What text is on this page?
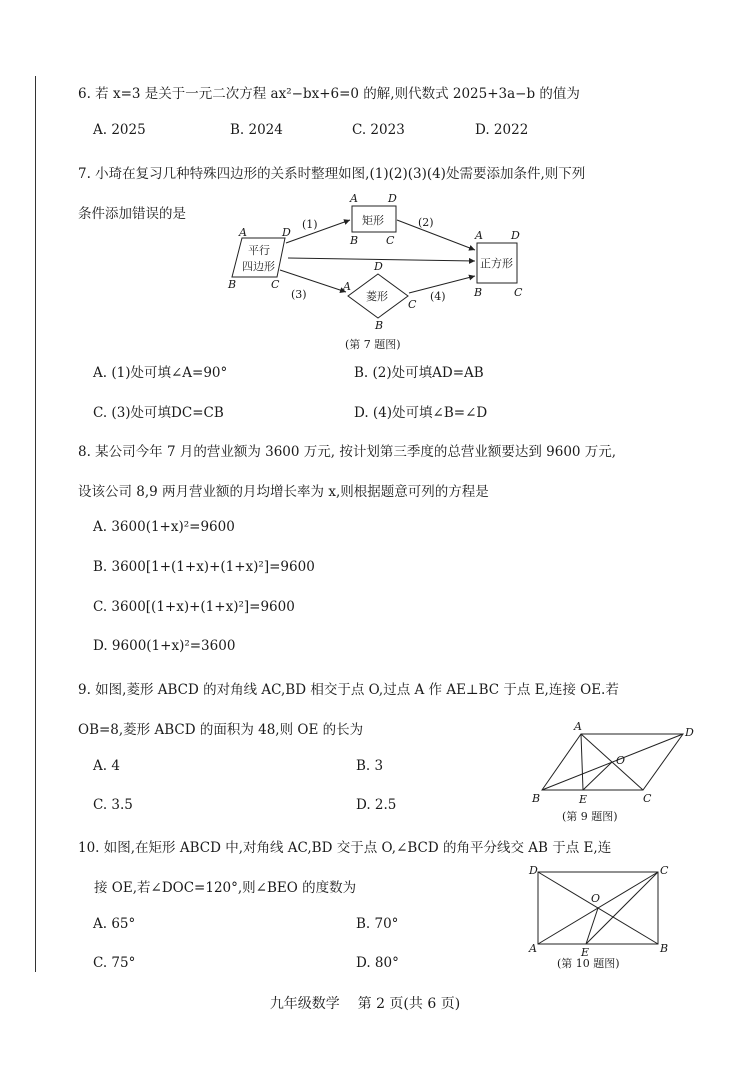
6. 若 x=3 是关于一元二次方程 ax²−bx+6=0 的解,则代数式 2025+3a−b 的值为
A. 2025	B. 2024	C. 2023	D. 2022
7. 小琦在复习几种特殊四边形的关系时整理如图,(1)(2)(3)(4)处需要添加条件,则下列
条件添加错误的是
平行
四边形
A	D
B	C
矩形
A	D
B	C
菱形
D
A
C
B
正方形
A	D
B	C
(1)	(2)
(3)	(4)
(第 7 题图)
A. (1)处可填∠A=90°	B. (2)处可填AD=AB
C. (3)处可填DC=CB	D. (4)处可填∠B=∠D
8. 某公司今年 7 月的营业额为 3600 万元, 按计划第三季度的总营业额要达到 9600 万元,
设该公司 8,9 两月营业额的月均增长率为 x,则根据题意可列的方程是
A. 3600(1+x)²=9600
B. 3600[1+(1+x)+(1+x)²]=9600
C. 3600[(1+x)+(1+x)²]=9600
D. 9600(1+x)²=3600
9. 如图,菱形 ABCD 的对角线 AC,BD 相交于点 O,过点 A 作 AE⊥BC 于点 E,连接 OE.若
OB=8,菱形 ABCD 的面积为 48,则 OE 的长为
A. 4	B. 3
C. 3.5	D. 2.5
A	D
B	E	C
O
(第 9 题图)
10. 如图,在矩形 ABCD 中,对角线 AC,BD 交于点 O,∠BCD 的角平分线交 AB 于点 E,连
接 OE,若∠DOC=120°,则∠BEO 的度数为
A. 65°	B. 70°
C. 75°	D. 80°
D	C
A	E	B
O
(第 10 题图)
九年级数学 第 2 页(共 6 页)
